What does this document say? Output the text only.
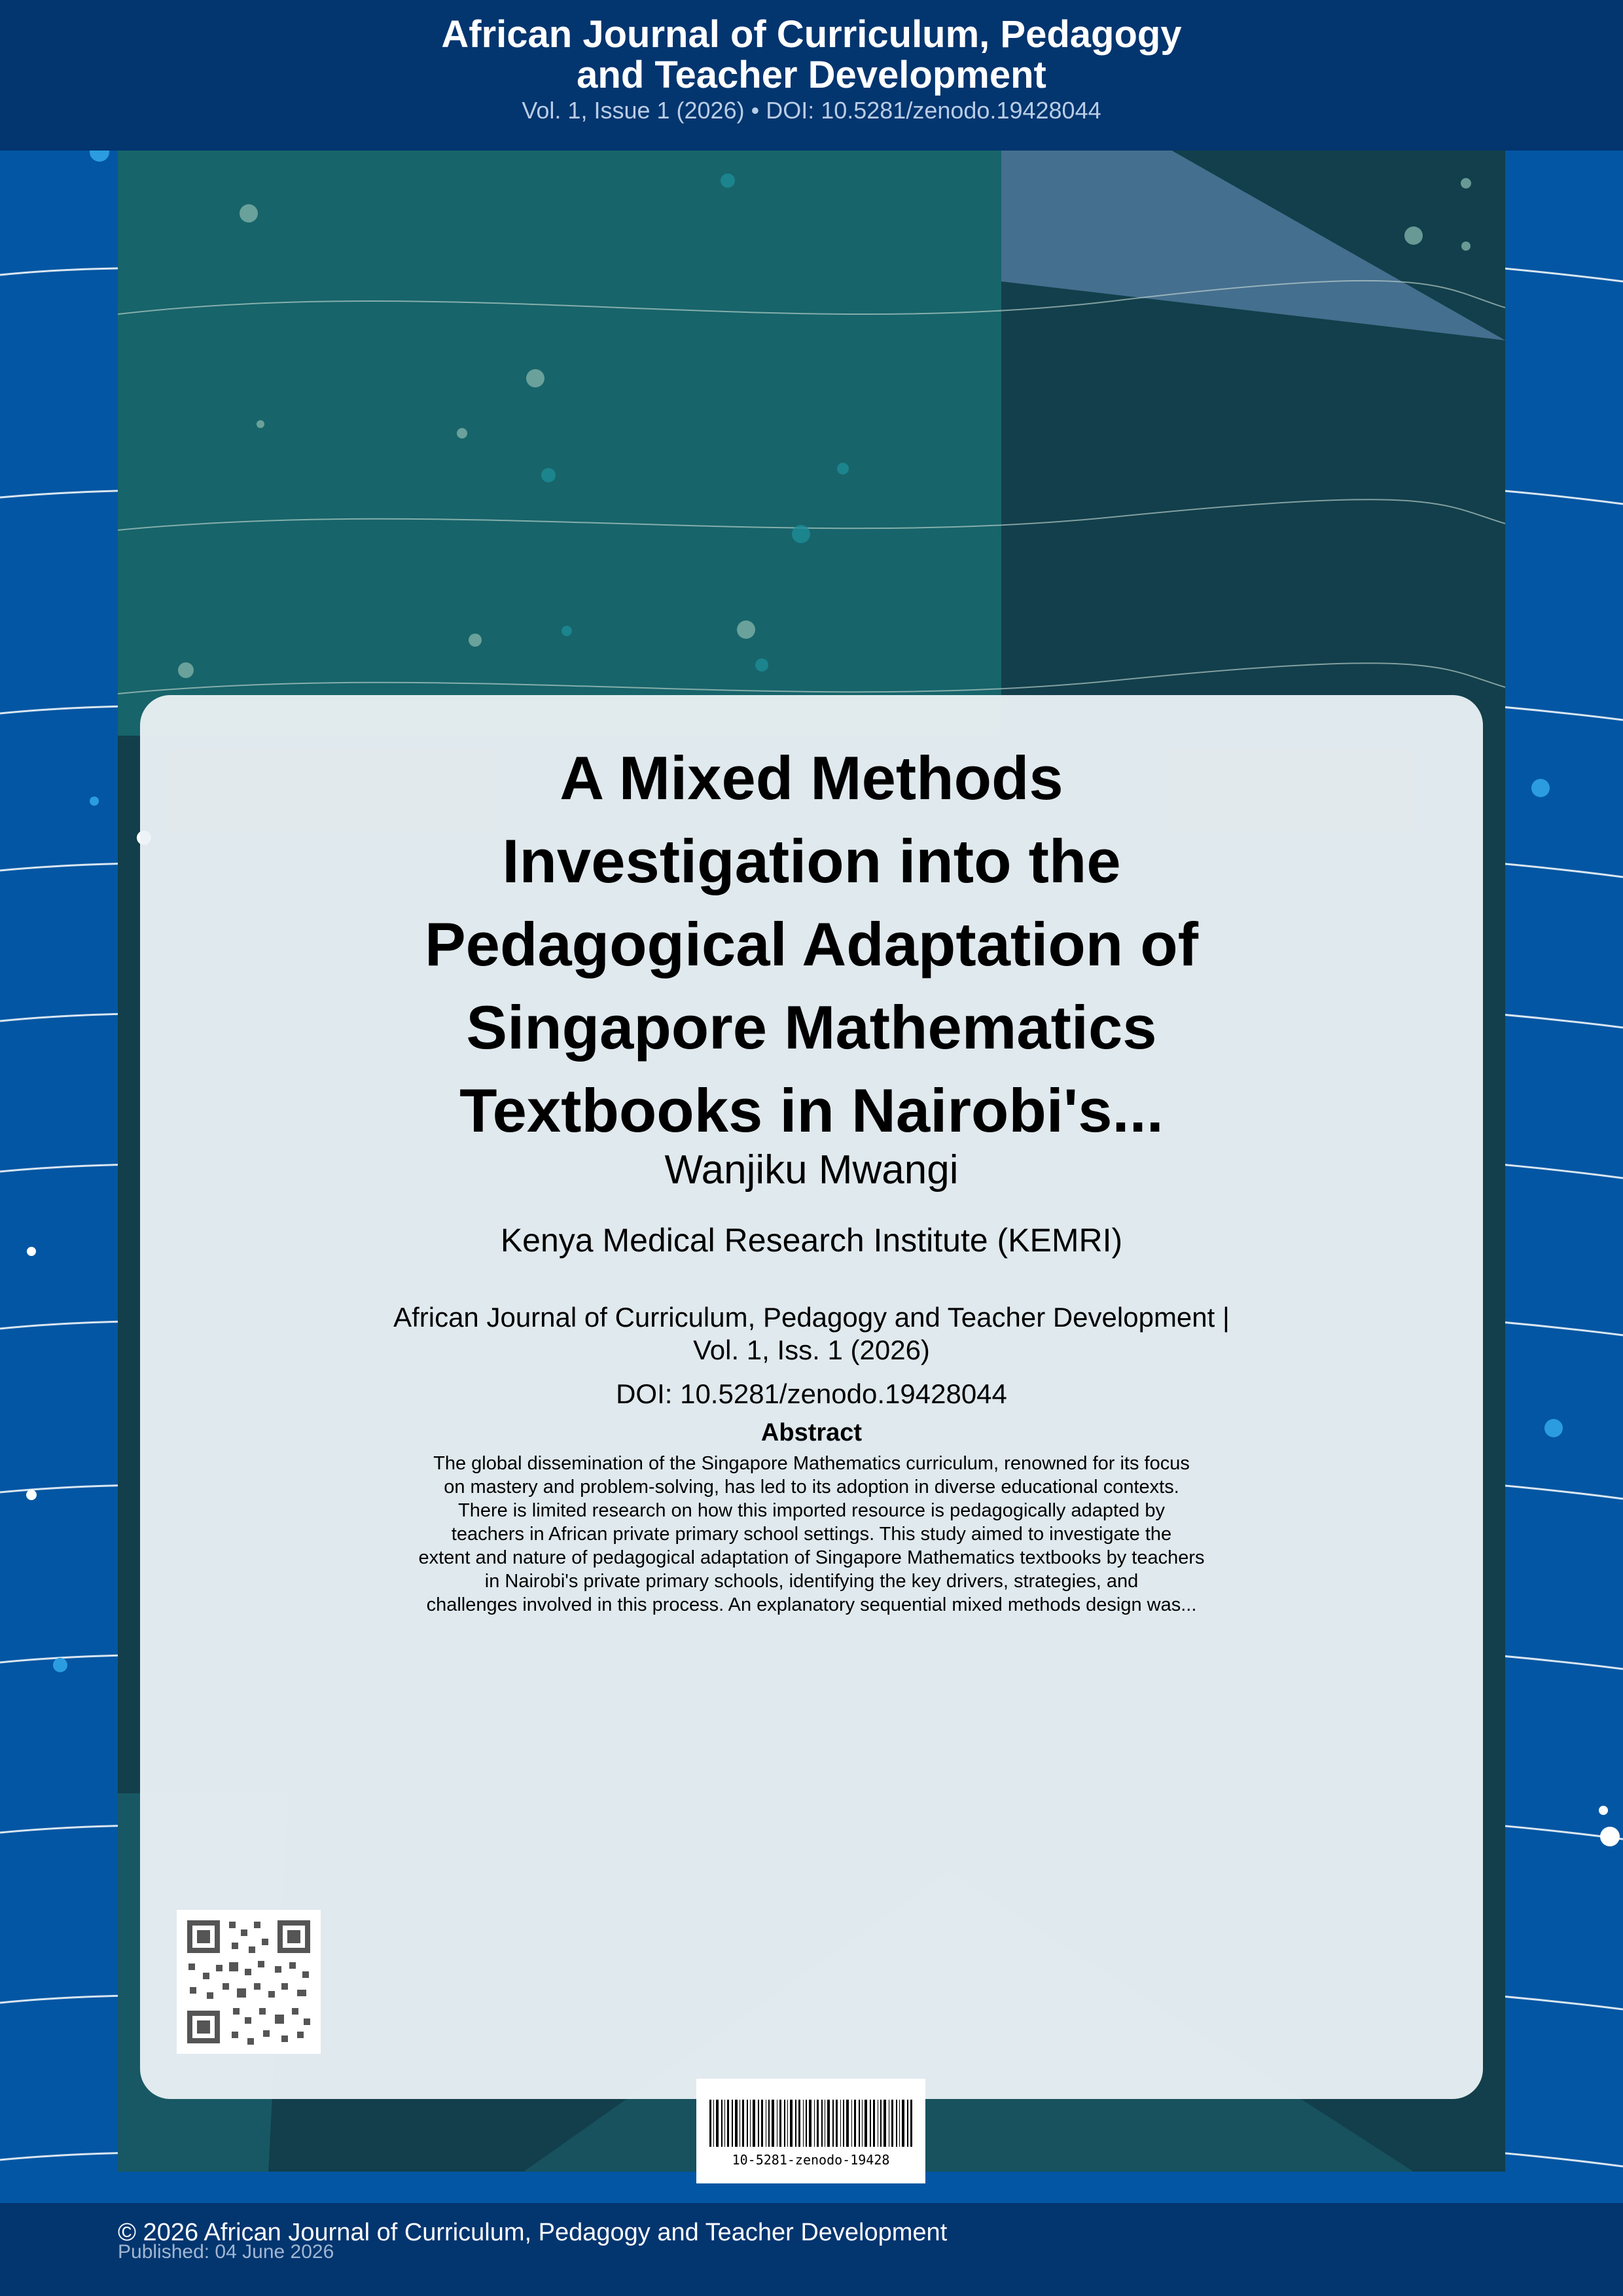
African Journal of Curriculum, Pedagogy
and Teacher Development
Vol. 1, Issue 1 (2026) • DOI: 10.5281/zenodo.19428044
A Mixed Methods
Investigation into the
Pedagogical Adaptation of
Singapore Mathematics
Textbooks in Nairobi's...
Wanjiku Mwangi
Kenya Medical Research Institute (KEMRI)
African Journal of Curriculum, Pedagogy and Teacher Development |
Vol. 1, Iss. 1 (2026)
DOI: 10.5281/zenodo.19428044
Abstract
The global dissemination of the Singapore Mathematics curriculum, renowned for its focus
on mastery and problem-solving, has led to its adoption in diverse educational contexts.
There is limited research on how this imported resource is pedagogically adapted by
teachers in African private primary school settings. This study aimed to investigate the
extent and nature of pedagogical adaptation of Singapore Mathematics textbooks by teachers
in Nairobi's private primary schools, identifying the key drivers, strategies, and
challenges involved in this process. An explanatory sequential mixed methods design was...
10-5281-zenodo-19428
© 2026 African Journal of Curriculum, Pedagogy and Teacher Development
Published: 04 June 2026
